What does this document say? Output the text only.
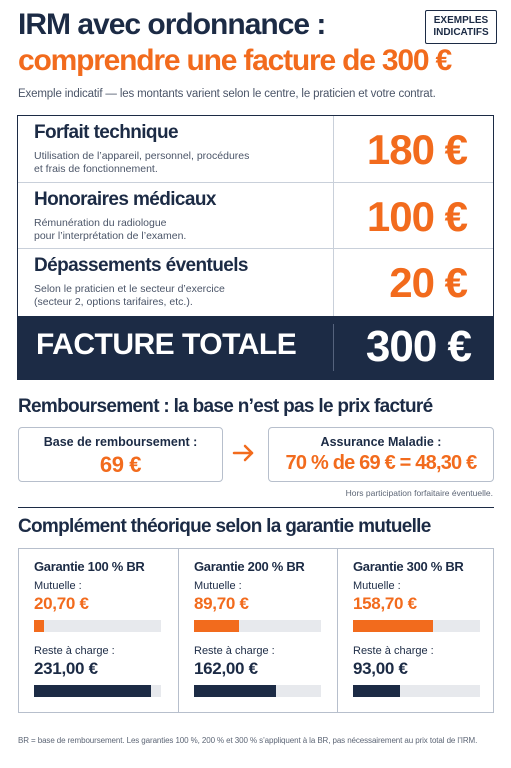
IRM avec ordonnance :
comprendre une facture de 300 €
EXEMPLES
INDICATIFS
Exemple indicatif — les montants varient selon le centre, le praticien et votre contrat.
Forfait technique
Utilisation de l’appareil, personnel, procédures
et frais de fonctionnement.	180 €
Honoraires médicaux
Rémunération du radiologue
pour l’interprétation de l’examen.	100 €
Dépassements éventuels
Selon le praticien et le secteur d’exercice
(secteur 2, options tarifaires, etc.).	20 €
FACTURE TOTALE 300 €
Remboursement : la base n’est pas le prix facturé
Base de remboursement :
69 €
Assurance Maladie :
70 % de 69 € = 48,30 €
Hors participation forfaitaire éventuelle.
Complément théorique selon la garantie mutuelle
Garantie 100 % BR
Mutuelle :
20,70 €
Reste à charge :
231,00 €
Garantie 200 % BR
Mutuelle :
89,70 €
Reste à charge :
162,00 €
Garantie 300 % BR
Mutuelle :
158,70 €
Reste à charge :
93,00 €
BR = base de remboursement. Les garanties 100 %, 200 % et 300 % s’appliquent à la BR, pas nécessairement au prix total de l’IRM.
